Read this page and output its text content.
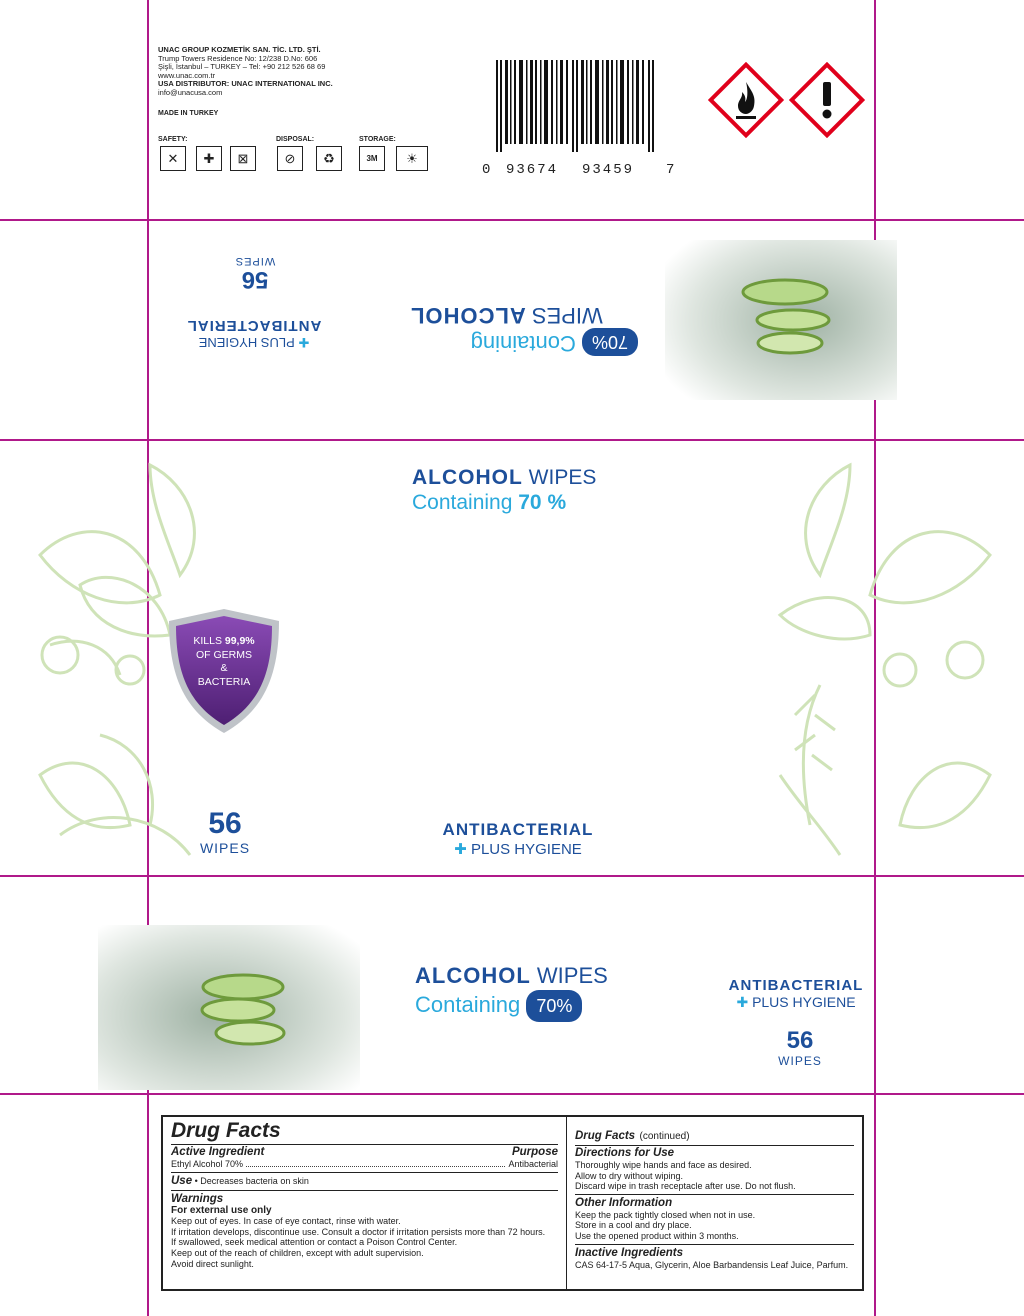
UNAC GROUP KOZMETİK SAN. TİC. LTD. ŞTİ.
Trump Towers Residence No: 12/238 D.No: 606
Şişli, İstanbul – TURKEY – Tel: +90 212 526 68 69
www.unac.com.tr
USA DISTRIBUTOR: UNAC INTERNATIONAL INC.
info@unacusa.com
MADE IN TURKEY
SAFETY:	DISPOSAL:	STORAGE:
✕	✚	⊠	⊘	♻	3M	☀
0 93674 93459 7
56
WIPES
✚ PLUS HYGIENE
ANTIBACTERIAL
70% Containing
WIPES ALCOHOL
ALCOHOL WIPES
Containing 70 %
KILLS 99,9%
OF GERMS
&
BACTERIA
56
WIPES
ANTIBACTERIAL
✚ PLUS HYGIENE
ALCOHOL WIPES
Containing 70%
ANTIBACTERIAL
✚ PLUS HYGIENE
56
WIPES
Drug Facts
Active Ingredient	Purpose
Ethyl Alcohol 70%	Antibacterial
Use • Decreases bacteria on skin
Warnings
For external use only
Keep out of eyes. In case of eye contact, rinse with water.
If irritation develops, discontinue use. Consult a doctor if irritation persists more than 72 hours.
If swallowed, seek medical attention or contact a Poison Control Center.
Keep out of the reach of children, except with adult supervision.
Avoid direct sunlight.
Drug Facts (continued)
Directions for Use
Thoroughly wipe hands and face as desired.
Allow to dry without wiping.
Discard wipe in trash receptacle after use. Do not flush.
Other Information
Keep the pack tightly closed when not in use.
Store in a cool and dry place.
Use the opened product within 3 months.
Inactive Ingredients
CAS 64-17-5 Aqua, Glycerin, Aloe Barbandensis Leaf Juice, Parfum.
